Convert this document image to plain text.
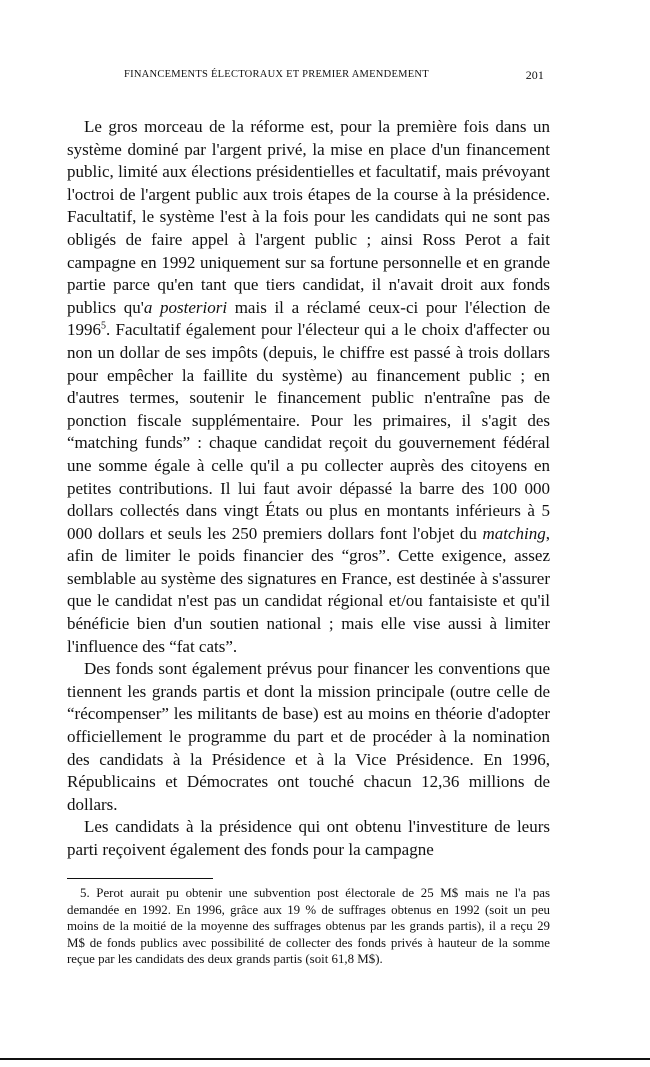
FINANCEMENTS ÉLECTORAUX ET PREMIER AMENDEMENT	201

Le gros morceau de la réforme est, pour la première fois dans un système dominé par l'argent privé, la mise en place d'un financement public, limité aux élections présidentielles et facultatif, mais prévoyant l'octroi de l'argent public aux trois étapes de la course à la présidence. Facultatif, le système l'est à la fois pour les candidats qui ne sont pas obligés de faire appel à l'argent public ; ainsi Ross Perot a fait campagne en 1992 uniquement sur sa fortune personnelle et en grande partie parce qu'en tant que tiers candidat, il n'avait droit aux fonds publics qu'a posteriori mais il a réclamé ceux-ci pour l'élection de 1996$^5$. Facultatif également pour l'électeur qui a le choix d'affecter ou non un dollar de ses impôts (depuis, le chiffre est passé à trois dollars pour empêcher la faillite du système) au financement public ; en d'autres termes, soutenir le financement public n'entraîne pas de ponction fiscale supplémentaire. Pour les primaires, il s'agit des “matching funds” : chaque candidat reçoit du gouvernement fédéral une somme égale à celle qu'il a pu collecter auprès des citoyens en petites contributions. Il lui faut avoir dépassé la barre des 100 000 dollars collectés dans vingt États ou plus en montants inférieurs à 5 000 dollars et seuls les 250 premiers dollars font l'objet du matching, afin de limiter le poids financier des “gros”. Cette exigence, assez semblable au système des signatures en France, est destinée à s'assurer que le candidat n'est pas un candidat régional et/ou fantaisiste et qu'il bénéficie bien d'un soutien national ; mais elle vise aussi à limiter l'influence des “fat cats”.

Des fonds sont également prévus pour financer les conventions que tiennent les grands partis et dont la mission principale (outre celle de “récompenser” les militants de base) est au moins en théorie d'adopter officiellement le programme du part et de procéder à la nomination des candidats à la Présidence et à la Vice Présidence. En 1996, Républicains et Démocrates ont touché chacun 12,36 millions de dollars.

Les candidats à la présidence qui ont obtenu l'investiture de leurs parti reçoivent également des fonds pour la campagne

5. Perot aurait pu obtenir une subvention post électorale de 25 M$ mais ne l'a pas demandée en 1992. En 1996, grâce aux 19 % de suffrages obtenus en 1992 (soit un peu moins de la moitié de la moyenne des suffrages obtenus par les grands partis), il a reçu 29 M$ de fonds publics avec possibilité de collecter des fonds privés à hauteur de la somme reçue par les candidats des deux grands partis (soit 61,8 M$).
